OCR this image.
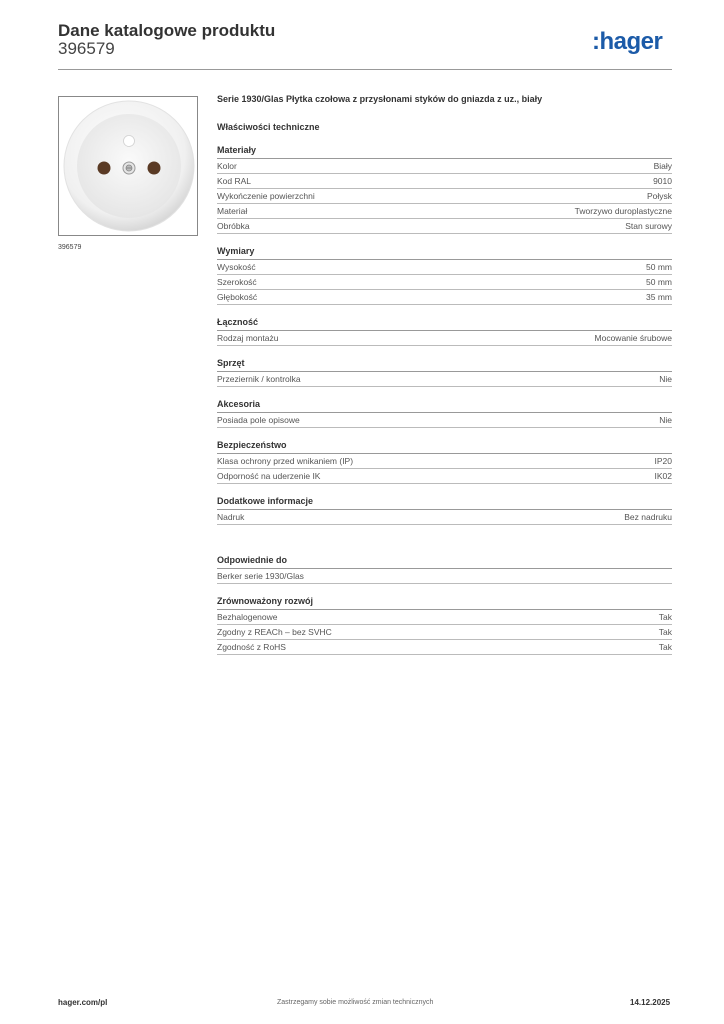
Dane katalogowe produktu
396579	:hager
396579

Serie 1930/Glas Płytka czołowa z przysłonami styków do gniazda z uz., biały

Właściwości techniczne

Materiały
Kolor	Biały
Kod RAL	9010
Wykończenie powierzchni	Połysk
Materiał	Tworzywo duroplastyczne
Obróbka	Stan surowy
Wymiary
Wysokość	50 mm
Szerokość	50 mm
Głębokość	35 mm
Łączność
Rodzaj montażu	Mocowanie śrubowe
Sprzęt
Przeziernik / kontrolka	Nie
Akcesoria
Posiada pole opisowe	Nie
Bezpieczeństwo
Klasa ochrony przed wnikaniem (IP)	IP20
Odporność na uderzenie IK	IK02
Dodatkowe informacje
Nadruk	Bez nadruku
Odpowiednie do
Berker serie 1930/Glas
Zrównoważony rozwój
Bezhalogenowe	Tak
Zgodny z REACh – bez SVHC	Tak
Zgodność z RoHS	Tak
hager.com/pl	Zastrzegamy sobie możliwość zmian technicznych	14.12.2025
